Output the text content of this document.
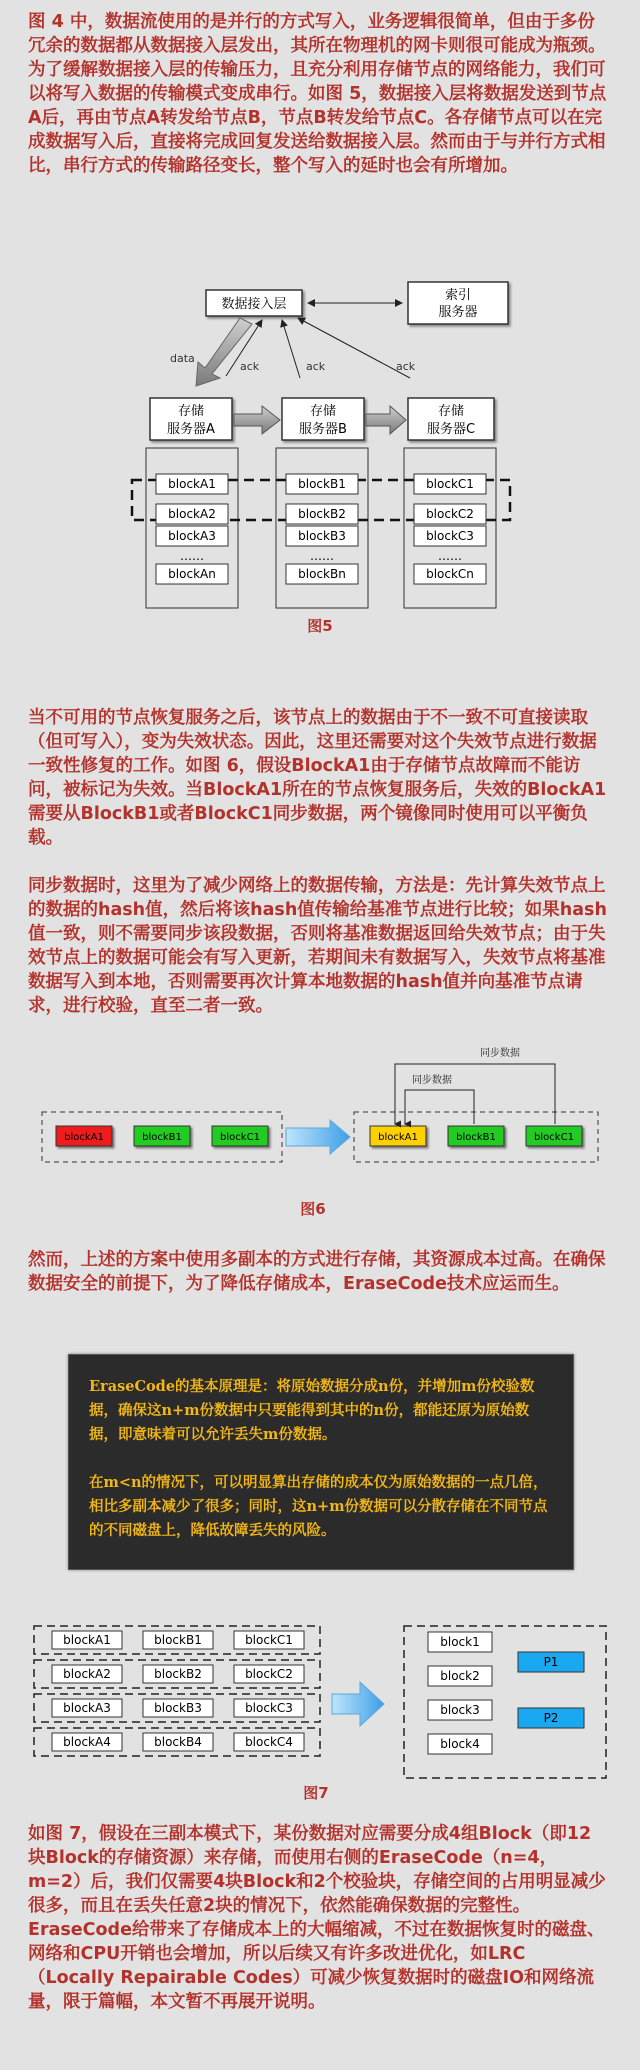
图 4 中，数据流使用的是并行的方式写入，业务逻辑很简单，但由于多份冗余的数据都从数据接入层发出，其所在物理机的网卡则很可能成为瓶颈。为了缓解数据接入层的传输压力，且充分利用存储节点的网络能力，我们可以将写入数据的传输模式变成串行。如图 5，数据接入层将数据发送到节点A后，再由节点A转发给节点B，节点B转发给节点C。各存储节点可以在完成数据写入后，直接将完成回复发送给数据接入层。然而由于与并行方式相比，串行方式的传输路径变长，整个写入的延时也会有所增加。

数据接入层
索引
服务器
data
ack	ack	ack
存储
服务器A
存储
服务器B
存储
服务器C
blockA1
blockA2
blockA3
……
blockAn
blockB1
blockB2
blockB3
……
blockBn
blockC1
blockC2
blockC3
……
blockCn
图5

当不可用的节点恢复服务之后，该节点上的数据由于不一致不可直接读取（但可写入），变为失效状态。因此，这里还需要对这个失效节点进行数据一致性修复的工作。如图 6，假设BlockA1由于存储节点故障而不能访问，被标记为失效。当BlockA1所在的节点恢复服务后，失效的BlockA1需要从BlockB1或者BlockC1同步数据，两个镜像同时使用可以平衡负载。

同步数据时，这里为了减少网络上的数据传输，方法是：先计算失效节点上的数据的hash值，然后将该hash值传输给基准节点进行比较；如果hash值一致，则不需要同步该段数据，否则将基准数据返回给失效节点；由于失效节点上的数据可能会有写入更新，若期间未有数据写入，失效节点将基准数据写入到本地，否则需要再次计算本地数据的hash值并向基准节点请求，进行校验，直至二者一致。

blockA1	blockB1	blockC1	blockA1	blockB1	blockC1
同步数据
同步数据
图6

然而，上述的方案中使用多副本的方式进行存储，其资源成本过高。在确保数据安全的前提下，为了降低存储成本，EraseCode技术应运而生。

EraseCode的基本原理是：将原始数据分成n份，并增加m份校验数据，确保这n+m份数据中只要能得到其中的n份，都能还原为原始数据，即意味着可以允许丢失m份数据。

在m<n的情况下，可以明显算出存储的成本仅为原始数据的一点几倍，相比多副本减少了很多；同时，这n+m份数据可以分散存储在不同节点的不同磁盘上，降低故障丢失的风险。

blockA1	blockB1	blockC1
blockA2	blockB2	blockC2
blockA3	blockB3	blockC3
blockA4	blockB4	blockC4
block1
block2
block3
block4
P1
P2
图7

如图 7，假设在三副本模式下，某份数据对应需要分成4组Block（即12块Block的存储资源）来存储，而使用右侧的EraseCode（n=4，m=2）后，我们仅需要4块Block和2个校验块，存储空间的占用明显减少很多，而且在丢失任意2块的情况下，依然能确保数据的完整性。EraseCode给带来了存储成本上的大幅缩减，不过在数据恢复时的磁盘、网络和CPU开销也会增加，所以后续又有许多改进优化，如LRC（Locally Repairable Codes）可减少恢复数据时的磁盘IO和网络流量，限于篇幅，本文暂不再展开说明。
